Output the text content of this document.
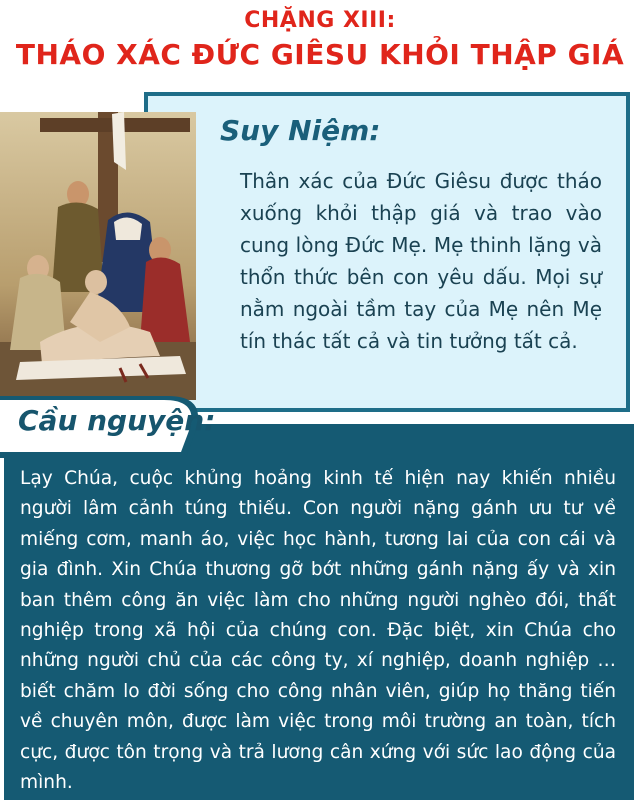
CHẶNG XIII:
THÁO XÁC ĐỨC GIÊSU KHỎI THẬP GIÁ
Suy Niệm:
Thân xác của Đức Giêsu được tháo xuống khỏi thập giá và trao vào cung lòng Đức Mẹ. Mẹ thinh lặng và thổn thức bên con yêu dấu. Mọi sự nằm ngoài tầm tay của Mẹ nên Mẹ tín thác tất cả và tin tưởng tất cả.
Cầu nguyện:
Lạy Chúa, cuộc khủng hoảng kinh tế hiện nay khiến nhiều người lâm cảnh túng thiếu. Con người nặng gánh ưu tư về miếng cơm, manh áo, việc học hành, tương lai của con cái và gia đình. Xin Chúa thương gỡ bớt những gánh nặng ấy và xin ban thêm công ăn việc làm cho những người nghèo đói, thất nghiệp trong xã hội của chúng con. Đặc biệt, xin Chúa cho những người chủ của các công ty, xí nghiệp, doanh nghiệp … biết chăm lo đời sống cho công nhân viên, giúp họ thăng tiến về chuyên môn, được làm việc trong môi trường an toàn, tích cực, được tôn trọng và trả lương cân xứng với sức lao động của mình.
